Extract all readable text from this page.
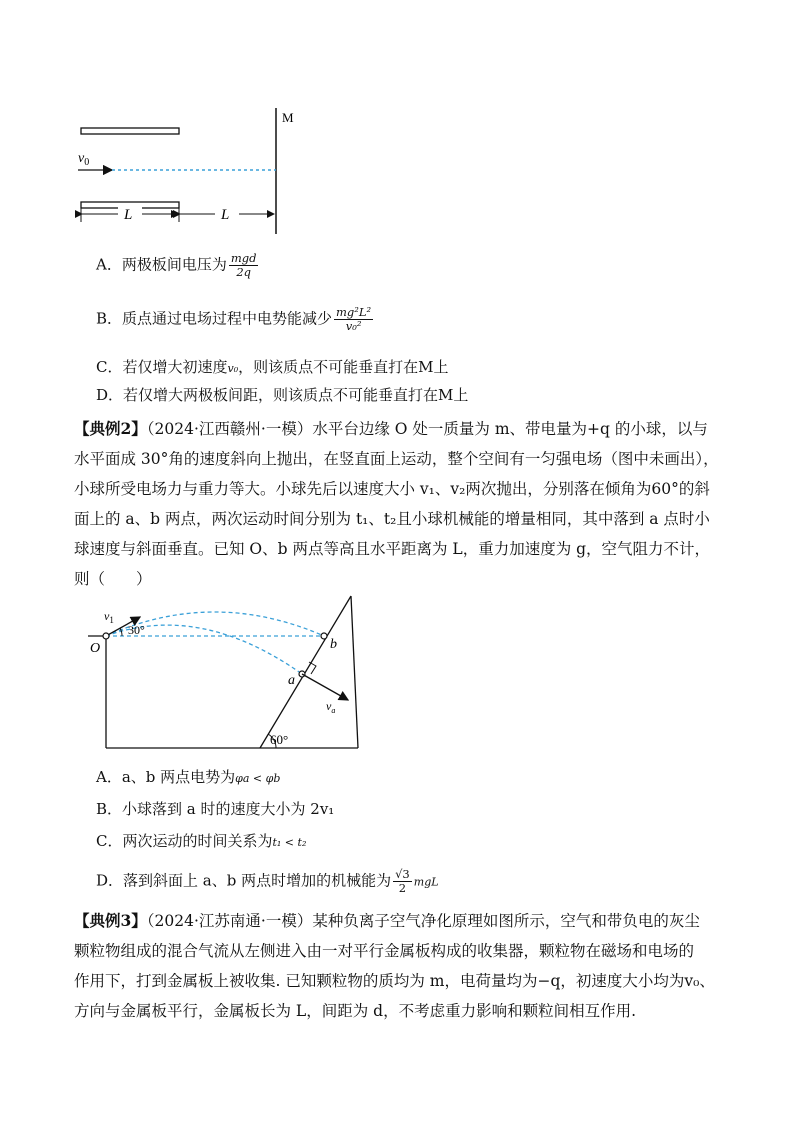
M
$v_0$
L	L
A．两极板间电压为 $\frac{\text{mgd}}{2q}$
B．质点通过电场过程中电势能减少 $\frac{\text{mg²L²}}{\text{v₀²}}$
C．若仅增大初速度v₀，则该质点不可能垂直打在M上
D．若仅增大两极板间距，则该质点不可能垂直打在M上
【典例2】（2024·江西赣州·一模）水平台边缘 O 处一质量为 m、带电量为+q 的小球，以与
水平面成 30°角的速度斜向上抛出，在竖直面上运动，整个空间有一匀强电场（图中未画出），
小球所受电场力与重力等大。小球先后以速度大小 v₁、v₂两次抛出，分别落在倾角为60°的斜
面上的 a、b 两点，两次运动时间分别为 t₁、t₂且小球机械能的增量相同，其中落到 a 点时小
球速度与斜面垂直。已知 O、b 两点等高且水平距离为 L，重力加速度为 g，空气阻力不计，
则（　　）
60°
$v_1$
30°
O	b
a
$v_a$
A．a、b 两点电势为φa < φb
B．小球落到 a 时的速度大小为 2v₁
C．两次运动的时间关系为t₁ < t₂
D．落到斜面上 a、b 两点时增加的机械能为 $\frac{√3}{2}$ mgL
【典例3】（2024·江苏南通·一模）某种负离子空气净化原理如图所示，空气和带负电的灰尘
颗粒物组成的混合气流从左侧进入由一对平行金属板构成的收集器，颗粒物在磁场和电场的
作用下，打到金属板上被收集. 已知颗粒物的质均为 m，电荷量均为−q，初速度大小均为v₀、
方向与金属板平行，金属板长为 L，间距为 d，不考虑重力影响和颗粒间相互作用.
